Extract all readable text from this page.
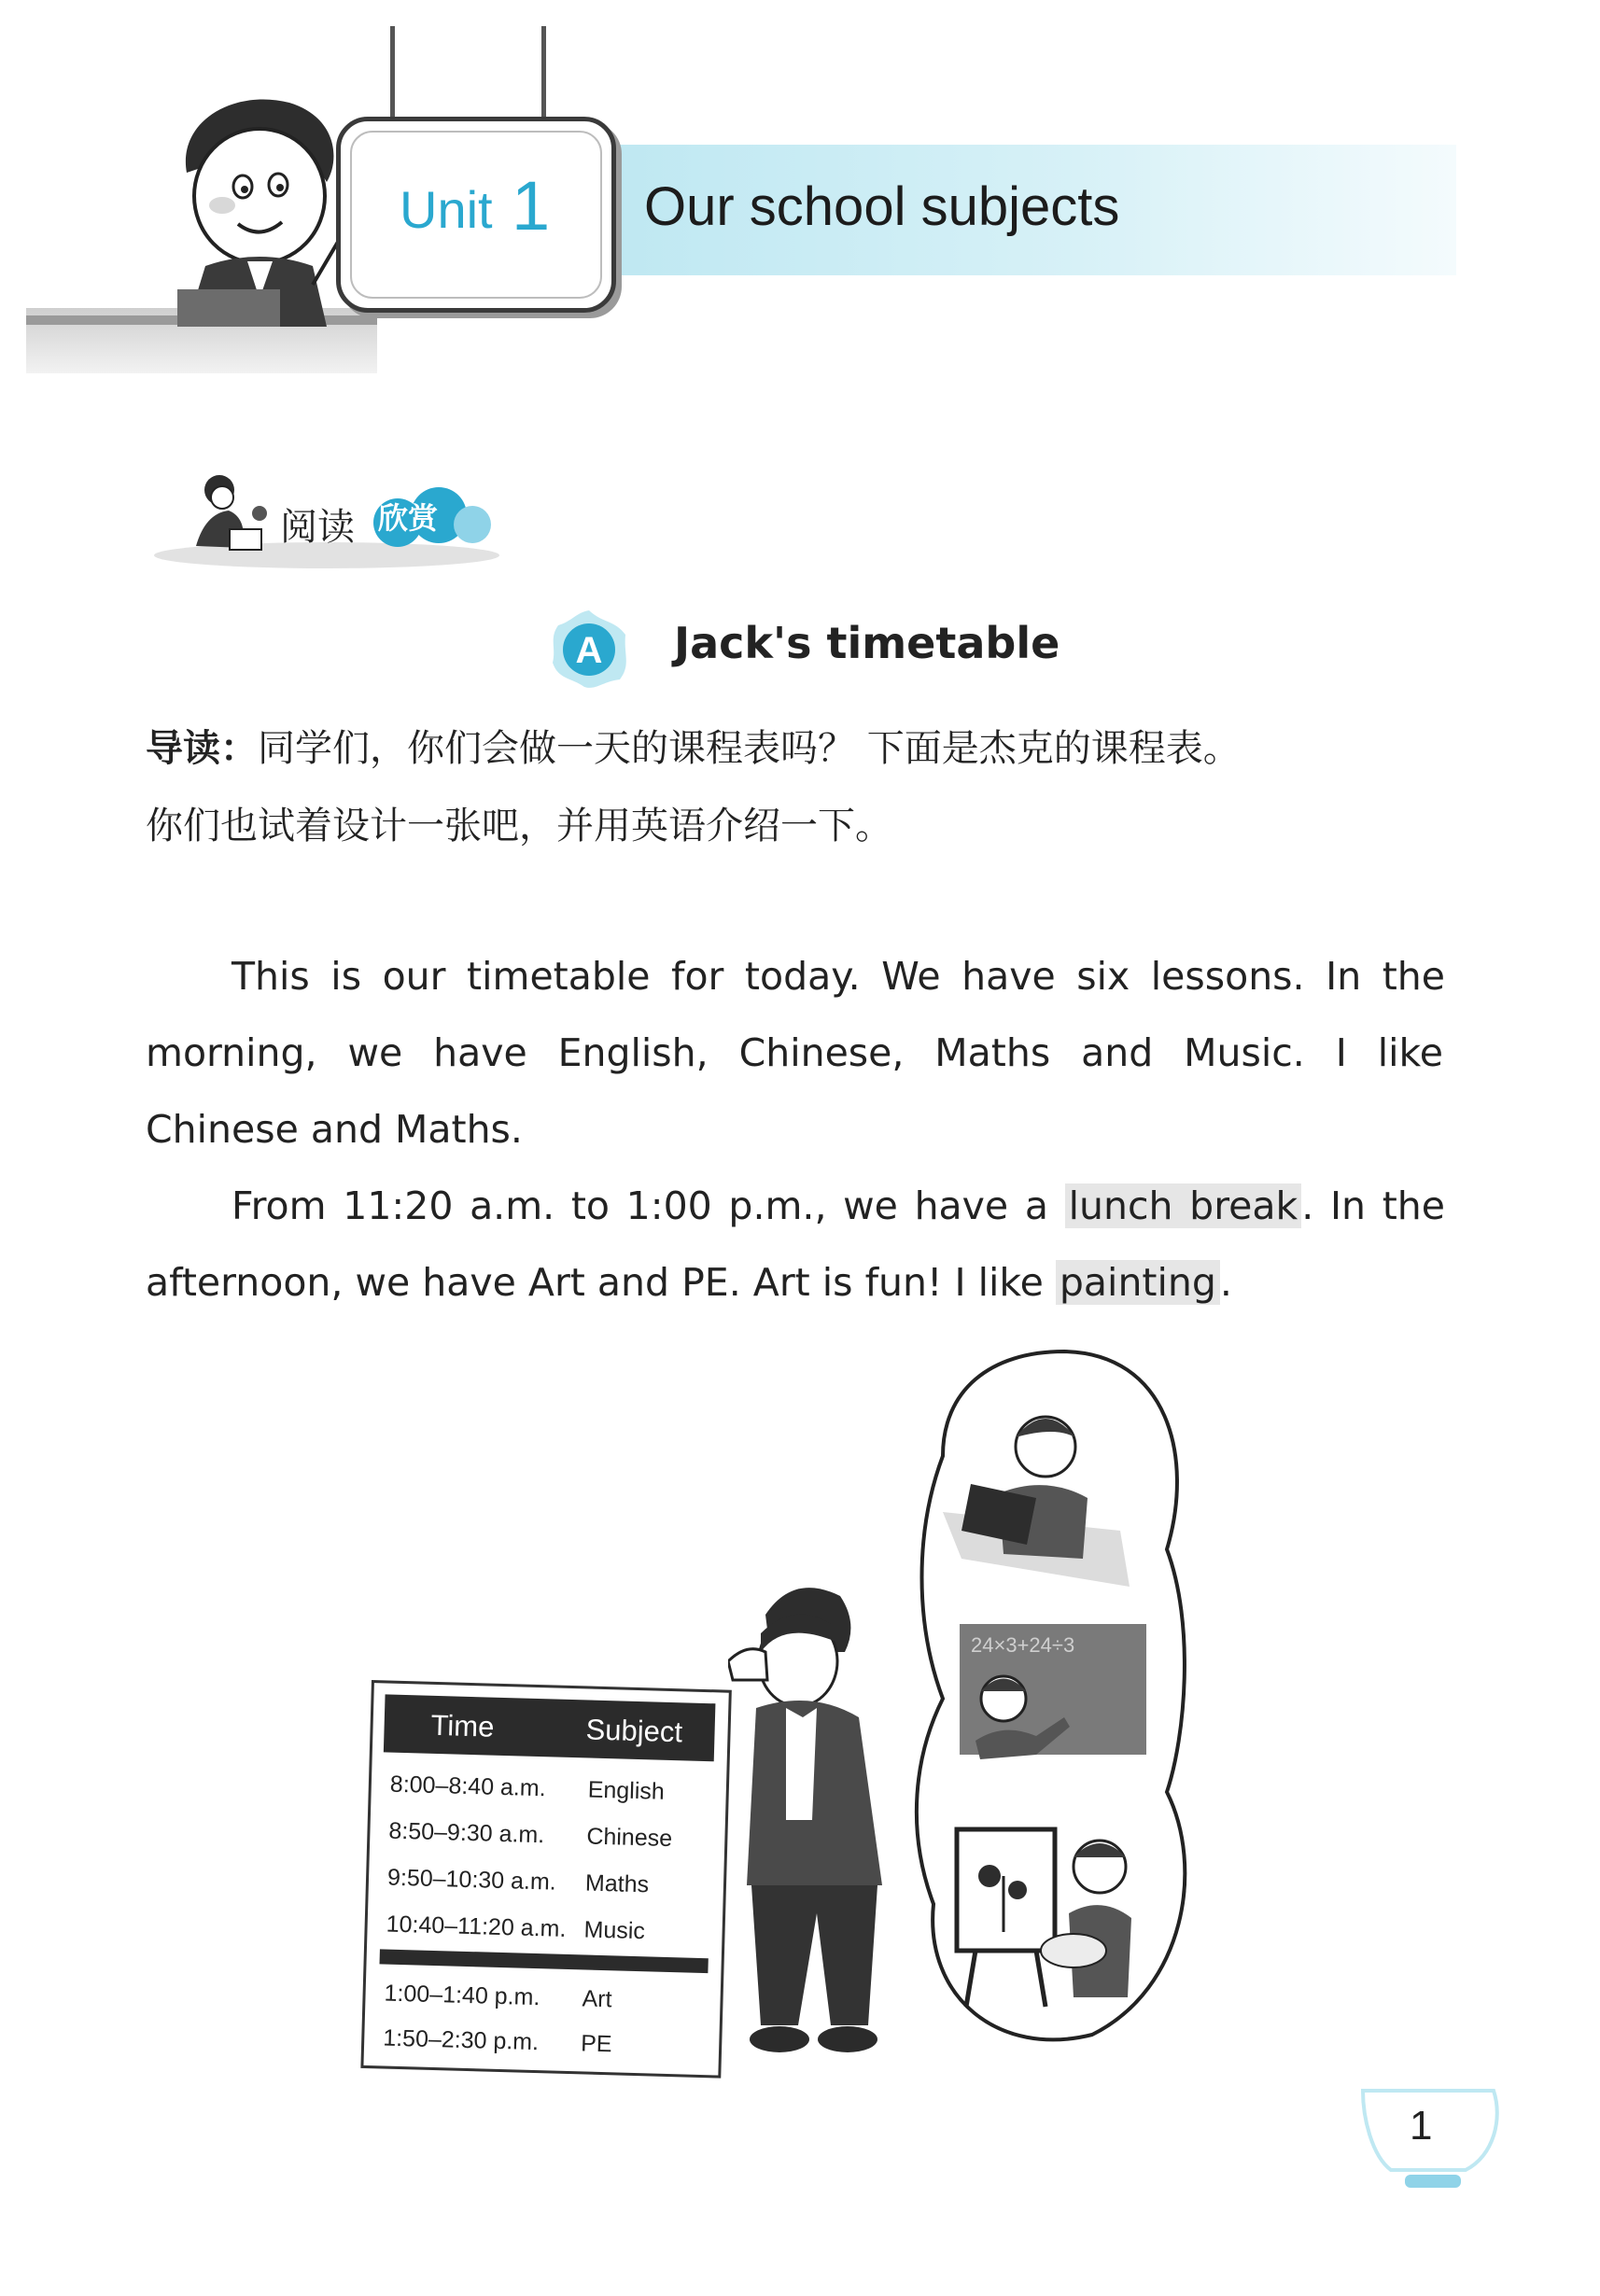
Our school subjects
Unit 1
阅读 欣赏
A Jack's timetable
导读：同学们，你们会做一天的课程表吗？ 下面是杰克的课程表。
你们也试着设计一张吧，并用英语介绍一下。
This is our timetable for today. We have six lessons. In the
morning, we have English, Chinese, Maths and Music. I like
Chinese and Maths.
From 11:20 a.m. to 1:00 p.m., we have a lunch break. In the
afternoon, we have Art and PE. Art is fun! I like painting.
24×3+24÷3
Time	Subject
8:00–8:40 a.m. English
8:50–9:30 a.m. Chinese
9:50–10:30 a.m. Maths
10:40–11:20 a.m. Music
1:00–1:40 p.m. Art
1:50–2:30 p.m. PE
1
